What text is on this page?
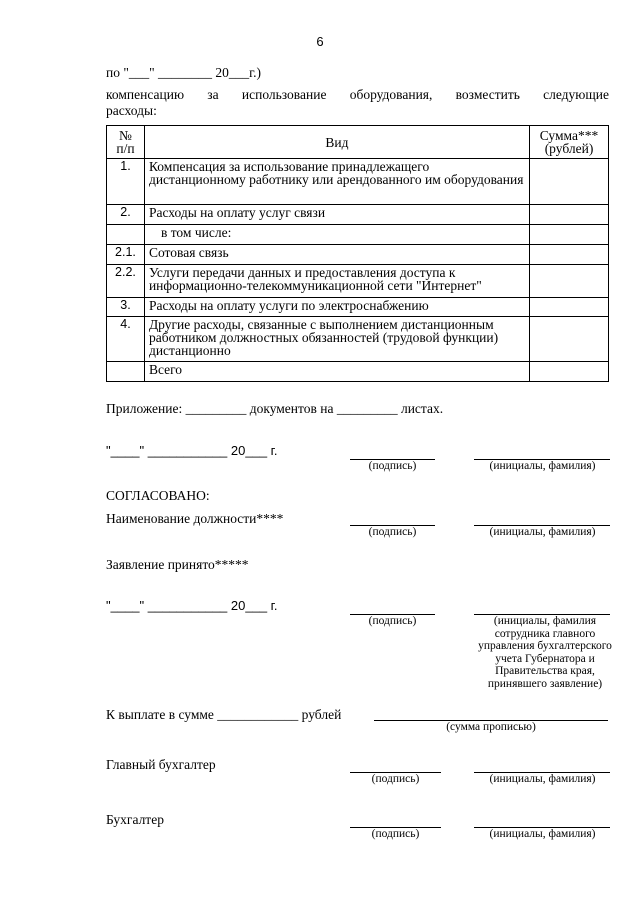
6
по "___" ________ 20___г.)
компенсацию за использование оборудования, возместить следующие
расходы:
№
п/п	Вид	Сумма***
(рублей)
1.	Компенсация за использование принадлежащего дистанционному работнику или арендованного им оборудования	
2.	Расходы на оплату услуг связи	
	в том числе:	
2.1.	Сотовая связь	
2.2.	Услуги передачи данных и предоставления доступа к информационно-телекоммуникационной сети "Интернет"	
3.	Расходы на оплату услуги по электроснабжению	
4.	Другие расходы, связанные с выполнением дистанционным работником должностных обязанностей (трудовой функции) дистанционно	
	Всего	
Приложение: _________ документов на _________ листах.
"____" ___________ 20___ г.
(подпись)	(инициалы, фамилия)
СОГЛАСОВАНО:
Наименование должности****
(подпись)	(инициалы, фамилия)
Заявление принято*****
"____" ___________ 20___ г.
(подпись)	(инициалы, фамилия сотрудника главного управления бухгалтерского учета Губернатора и Правительства края, принявшего заявление)
К выплате в сумме ____________ рублей
(сумма прописью)
Главный бухгалтер
(подпись)	(инициалы, фамилия)
Бухгалтер
(подпись)	(инициалы, фамилия)
